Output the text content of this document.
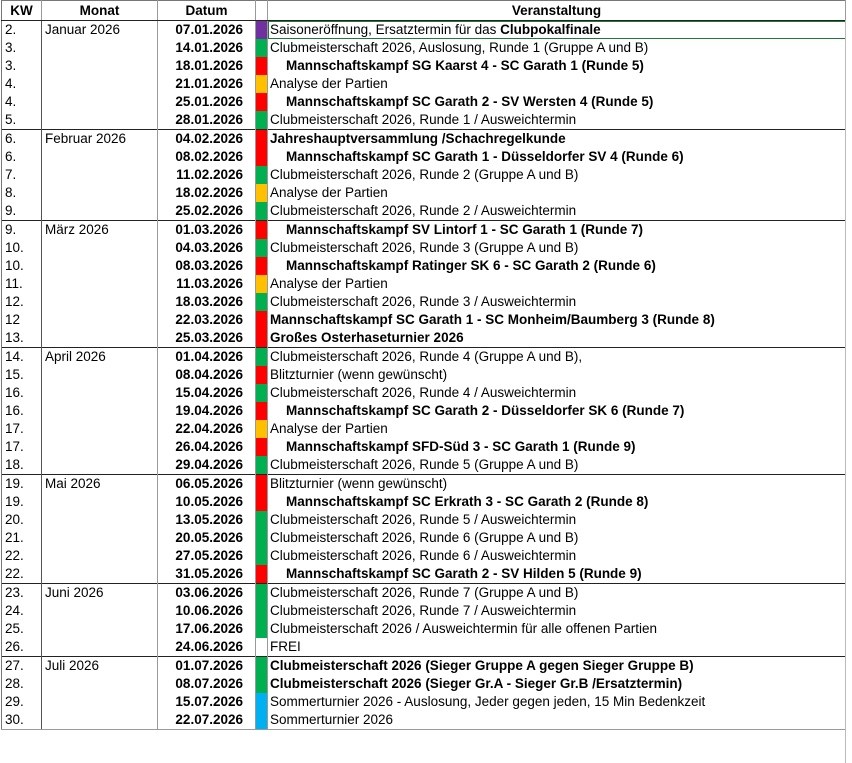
KW	Monat	Datum		Veranstaltung
2.	Januar 2026	07.01.2026		Saisoneröffnung, Ersatztermin für das Clubpokalfinale
3.		14.01.2026		Clubmeisterschaft 2026, Auslosung, Runde 1 (Gruppe A und B)
3.		18.01.2026		Mannschaftskampf SG Kaarst 4 - SC Garath 1 (Runde 5)
4.		21.01.2026		Analyse der Partien
4.		25.01.2026		Mannschaftskampf SC Garath 2 - SV Wersten 4 (Runde 5)
5.		28.01.2026		Clubmeisterschaft 2026, Runde 1 / Ausweichtermin
6.	Februar 2026	04.02.2026		Jahreshauptversammlung /Schachregelkunde
6.		08.02.2026		Mannschaftskampf SC Garath 1 - Düsseldorfer SV 4 (Runde 6)
7.		11.02.2026		Clubmeisterschaft 2026, Runde 2 (Gruppe A und B)
8.		18.02.2026		Analyse der Partien
9.		25.02.2026		Clubmeisterschaft 2026, Runde 2 / Ausweichtermin
9.	März 2026	01.03.2026		Mannschaftskampf SV Lintorf 1 - SC Garath 1 (Runde 7)
10.		04.03.2026		Clubmeisterschaft 2026, Runde 3 (Gruppe A und B)
10.		08.03.2026		Mannschaftskampf Ratinger SK 6 - SC Garath 2 (Runde 6)
11.		11.03.2026		Analyse der Partien
12.		18.03.2026		Clubmeisterschaft 2026, Runde 3 / Ausweichtermin
12		22.03.2026		Mannschaftskampf SC Garath 1 - SC Monheim/Baumberg 3 (Runde 8)
13.		25.03.2026		Großes Osterhaseturnier 2026
14.	April 2026	01.04.2026		Clubmeisterschaft 2026, Runde 4 (Gruppe A und B),
15.		08.04.2026		Blitzturnier (wenn gewünscht)
16.		15.04.2026		Clubmeisterschaft 2026, Runde 4 / Ausweichtermin
16.		19.04.2026		Mannschaftskampf SC Garath 2 - Düsseldorfer SK 6 (Runde 7)
17.		22.04.2026		Analyse der Partien
17.		26.04.2026		Mannschaftskampf SFD-Süd 3 - SC Garath 1 (Runde 9)
18.		29.04.2026		Clubmeisterschaft 2026, Runde 5 (Gruppe A und B)
19.	Mai 2026	06.05.2026		Blitzturnier (wenn gewünscht)
19.		10.05.2026		Mannschaftskampf SC Erkrath 3 - SC Garath 2 (Runde 8)
20.		13.05.2026		Clubmeisterschaft 2026, Runde 5 / Ausweichtermin
21.		20.05.2026		Clubmeisterschaft 2026, Runde 6 (Gruppe A und B)
22.		27.05.2026		Clubmeisterschaft 2026, Runde 6 / Ausweichtermin
22.		31.05.2026		Mannschaftskampf SC Garath 2 - SV Hilden 5 (Runde 9)
23.	Juni 2026	03.06.2026		Clubmeisterschaft 2026, Runde 7 (Gruppe A und B)
24.		10.06.2026		Clubmeisterschaft 2026, Runde 7 / Ausweichtermin
25.		17.06.2026		Clubmeisterschaft 2026 / Ausweichtermin für alle offenen Partien
26.		24.06.2026		FREI
27.	Juli 2026	01.07.2026		Clubmeisterschaft 2026 (Sieger Gruppe A gegen Sieger Gruppe B)
28.		08.07.2026		Clubmeisterschaft 2026 (Sieger Gr.A - Sieger Gr.B /Ersatztermin)
29.		15.07.2026		Sommerturnier 2026 - Auslosung, Jeder gegen jeden, 15 Min Bedenkzeit
30.		22.07.2026		Sommerturnier 2026
